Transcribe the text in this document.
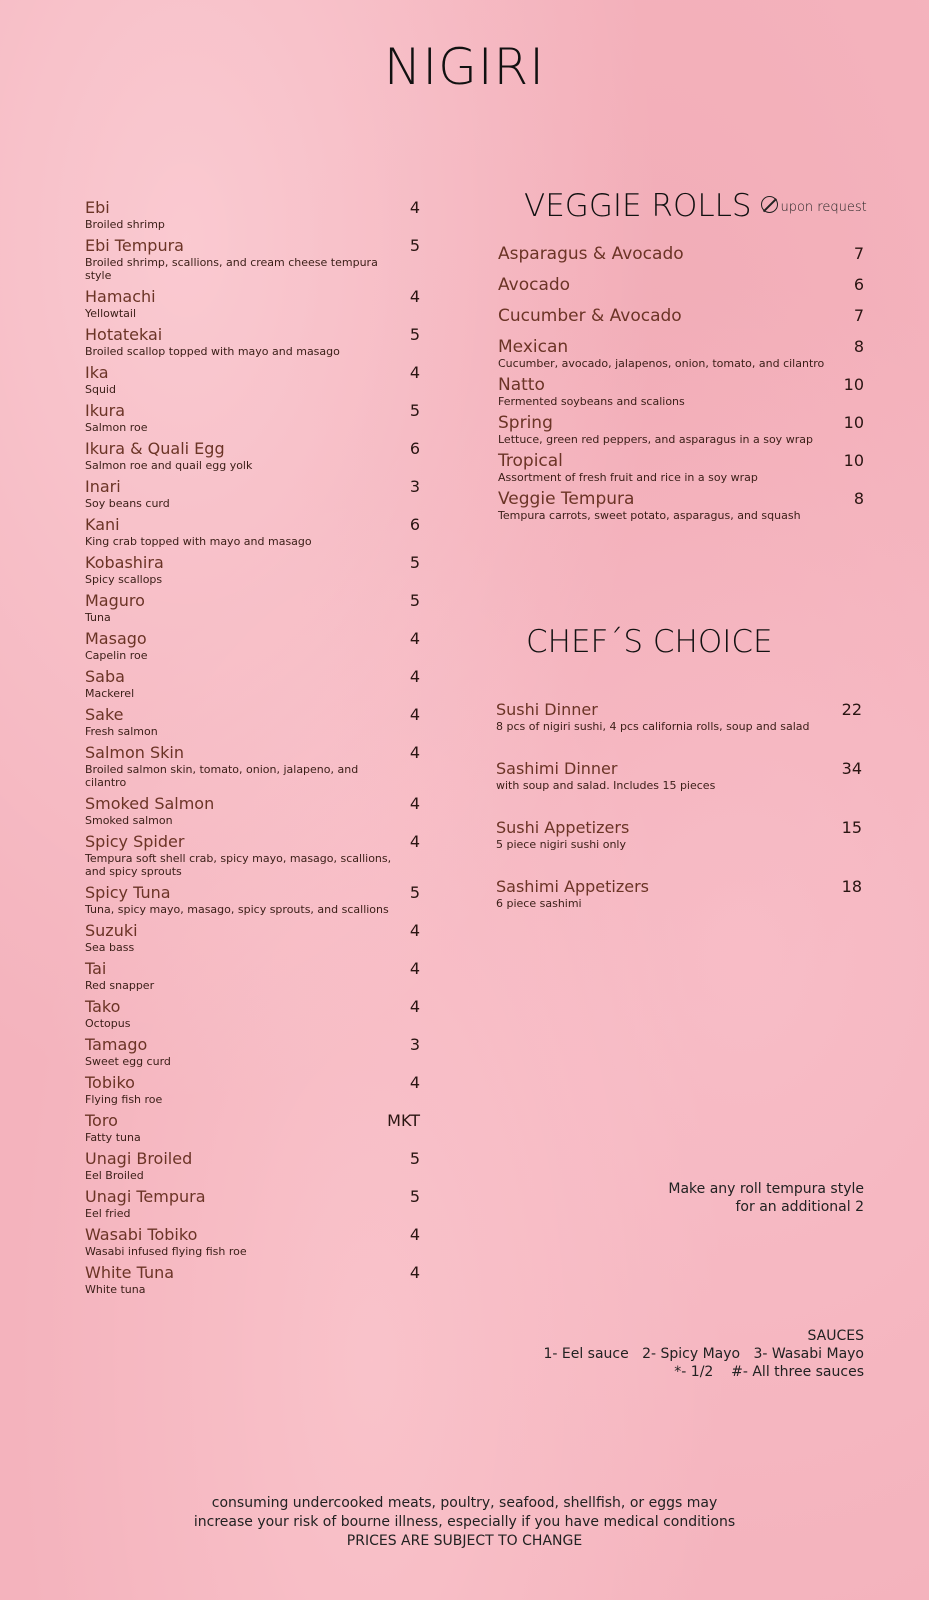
NIGIRI
Ebi	4
Broiled shrimp
Ebi Tempura	5
Broiled shrimp, scallions, and cream cheese tempura style
Hamachi	4
Yellowtail
Hotatekai	5
Broiled scallop topped with mayo and masago
Ika	4
Squid
Ikura	5
Salmon roe
Ikura & Quali Egg	6
Salmon roe and quail egg yolk
Inari	3
Soy beans curd
Kani	6
King crab topped with mayo and masago
Kobashira	5
Spicy scallops
Maguro	5
Tuna
Masago	4
Capelin roe
Saba	4
Mackerel
Sake	4
Fresh salmon
Salmon Skin	4
Broiled salmon skin, tomato, onion, jalapeno, and cilantro
Smoked Salmon	4
Smoked salmon
Spicy Spider	4
Tempura soft shell crab, spicy mayo, masago, scallions, and spicy sprouts
Spicy Tuna	5
Tuna, spicy mayo, masago, spicy sprouts, and scallions
Suzuki	4
Sea bass
Tai	4
Red snapper
Tako	4
Octopus
Tamago	3
Sweet egg curd
Tobiko	4
Flying fish roe
Toro	MKT
Fatty tuna
Unagi Broiled	5
Eel Broiled
Unagi Tempura	5
Eel fried
Wasabi Tobiko	4
Wasabi infused flying fish roe
White Tuna	4
White tuna
VEGGIE ROLLS upon request
Asparagus & Avocado	7
Avocado	6
Cucumber & Avocado	7
Mexican	8
Cucumber, avocado, jalapenos, onion, tomato, and cilantro
Natto	10
Fermented soybeans and scalions
Spring	10
Lettuce, green red peppers, and asparagus in a soy wrap
Tropical	10
Assortment of fresh fruit and rice in a soy wrap
Veggie Tempura	8
Tempura carrots, sweet potato, asparagus, and squash
CHEF´S CHOICE
Sushi Dinner	22
8 pcs of nigiri sushi, 4 pcs california rolls, soup and salad
Sashimi Dinner	34
with soup and salad. Includes 15 pieces
Sushi Appetizers	15
5 piece nigiri sushi only
Sashimi Appetizers	18
6 piece sashimi
Make any roll tempura style
for an additional 2
SAUCES
1- Eel sauce   2- Spicy Mayo   3- Wasabi Mayo
*- 1/2    #- All three sauces
consuming undercooked meats, poultry, seafood, shellfish, or eggs may
increase your risk of bourne illness, especially if you have medical conditions
PRICES ARE SUBJECT TO CHANGE
